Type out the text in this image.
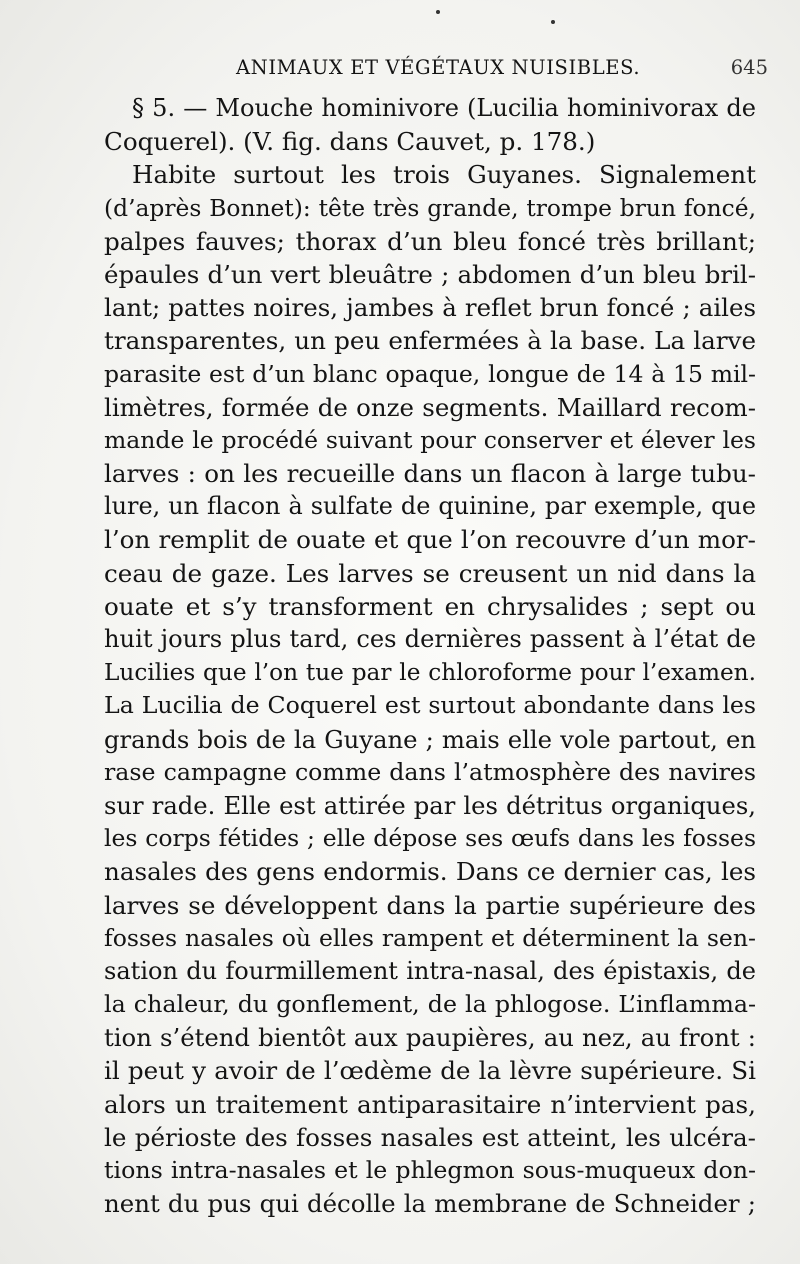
ANIMAUX ET VÉGÉTAUX NUISIBLES.	645
§ 5. — Mouche hominivore (Lucilia hominivorax de
Coquerel). (V. fig. dans Cauvet, p. 178.)
Habite surtout les trois Guyanes. Signalement
(d’après Bonnet): tête très grande, trompe brun foncé,
palpes fauves; thorax d’un bleu foncé très brillant;
épaules d’un vert bleuâtre ; abdomen d’un bleu bril-
lant; pattes noires, jambes à reflet brun foncé ; ailes
transparentes, un peu enfermées à la base. La larve
parasite est d’un blanc opaque, longue de 14 à 15 mil-
limètres, formée de onze segments. Maillard recom-
mande le procédé suivant pour conserver et élever les
larves : on les recueille dans un flacon à large tubu-
lure, un flacon à sulfate de quinine, par exemple, que
l’on remplit de ouate et que l’on recouvre d’un mor-
ceau de gaze. Les larves se creusent un nid dans la
ouate et s’y transforment en chrysalides ; sept ou
huit jours plus tard, ces dernières passent à l’état de
Lucilies que l’on tue par le chloroforme pour l’examen.
La Lucilia de Coquerel est surtout abondante dans les
grands bois de la Guyane ; mais elle vole partout, en
rase campagne comme dans l’atmosphère des navires
sur rade. Elle est attirée par les détritus organiques,
les corps fétides ; elle dépose ses œufs dans les fosses
nasales des gens endormis. Dans ce dernier cas, les
larves se développent dans la partie supérieure des
fosses nasales où elles rampent et déterminent la sen-
sation du fourmillement intra-nasal, des épistaxis, de
la chaleur, du gonflement, de la phlogose. L’inflamma-
tion s’étend bientôt aux paupières, au nez, au front :
il peut y avoir de l’œdème de la lèvre supérieure. Si
alors un traitement antiparasitaire n’intervient pas,
le périoste des fosses nasales est atteint, les ulcéra-
tions intra-nasales et le phlegmon sous-muqueux don-
nent du pus qui décolle la membrane de Schneider ;
